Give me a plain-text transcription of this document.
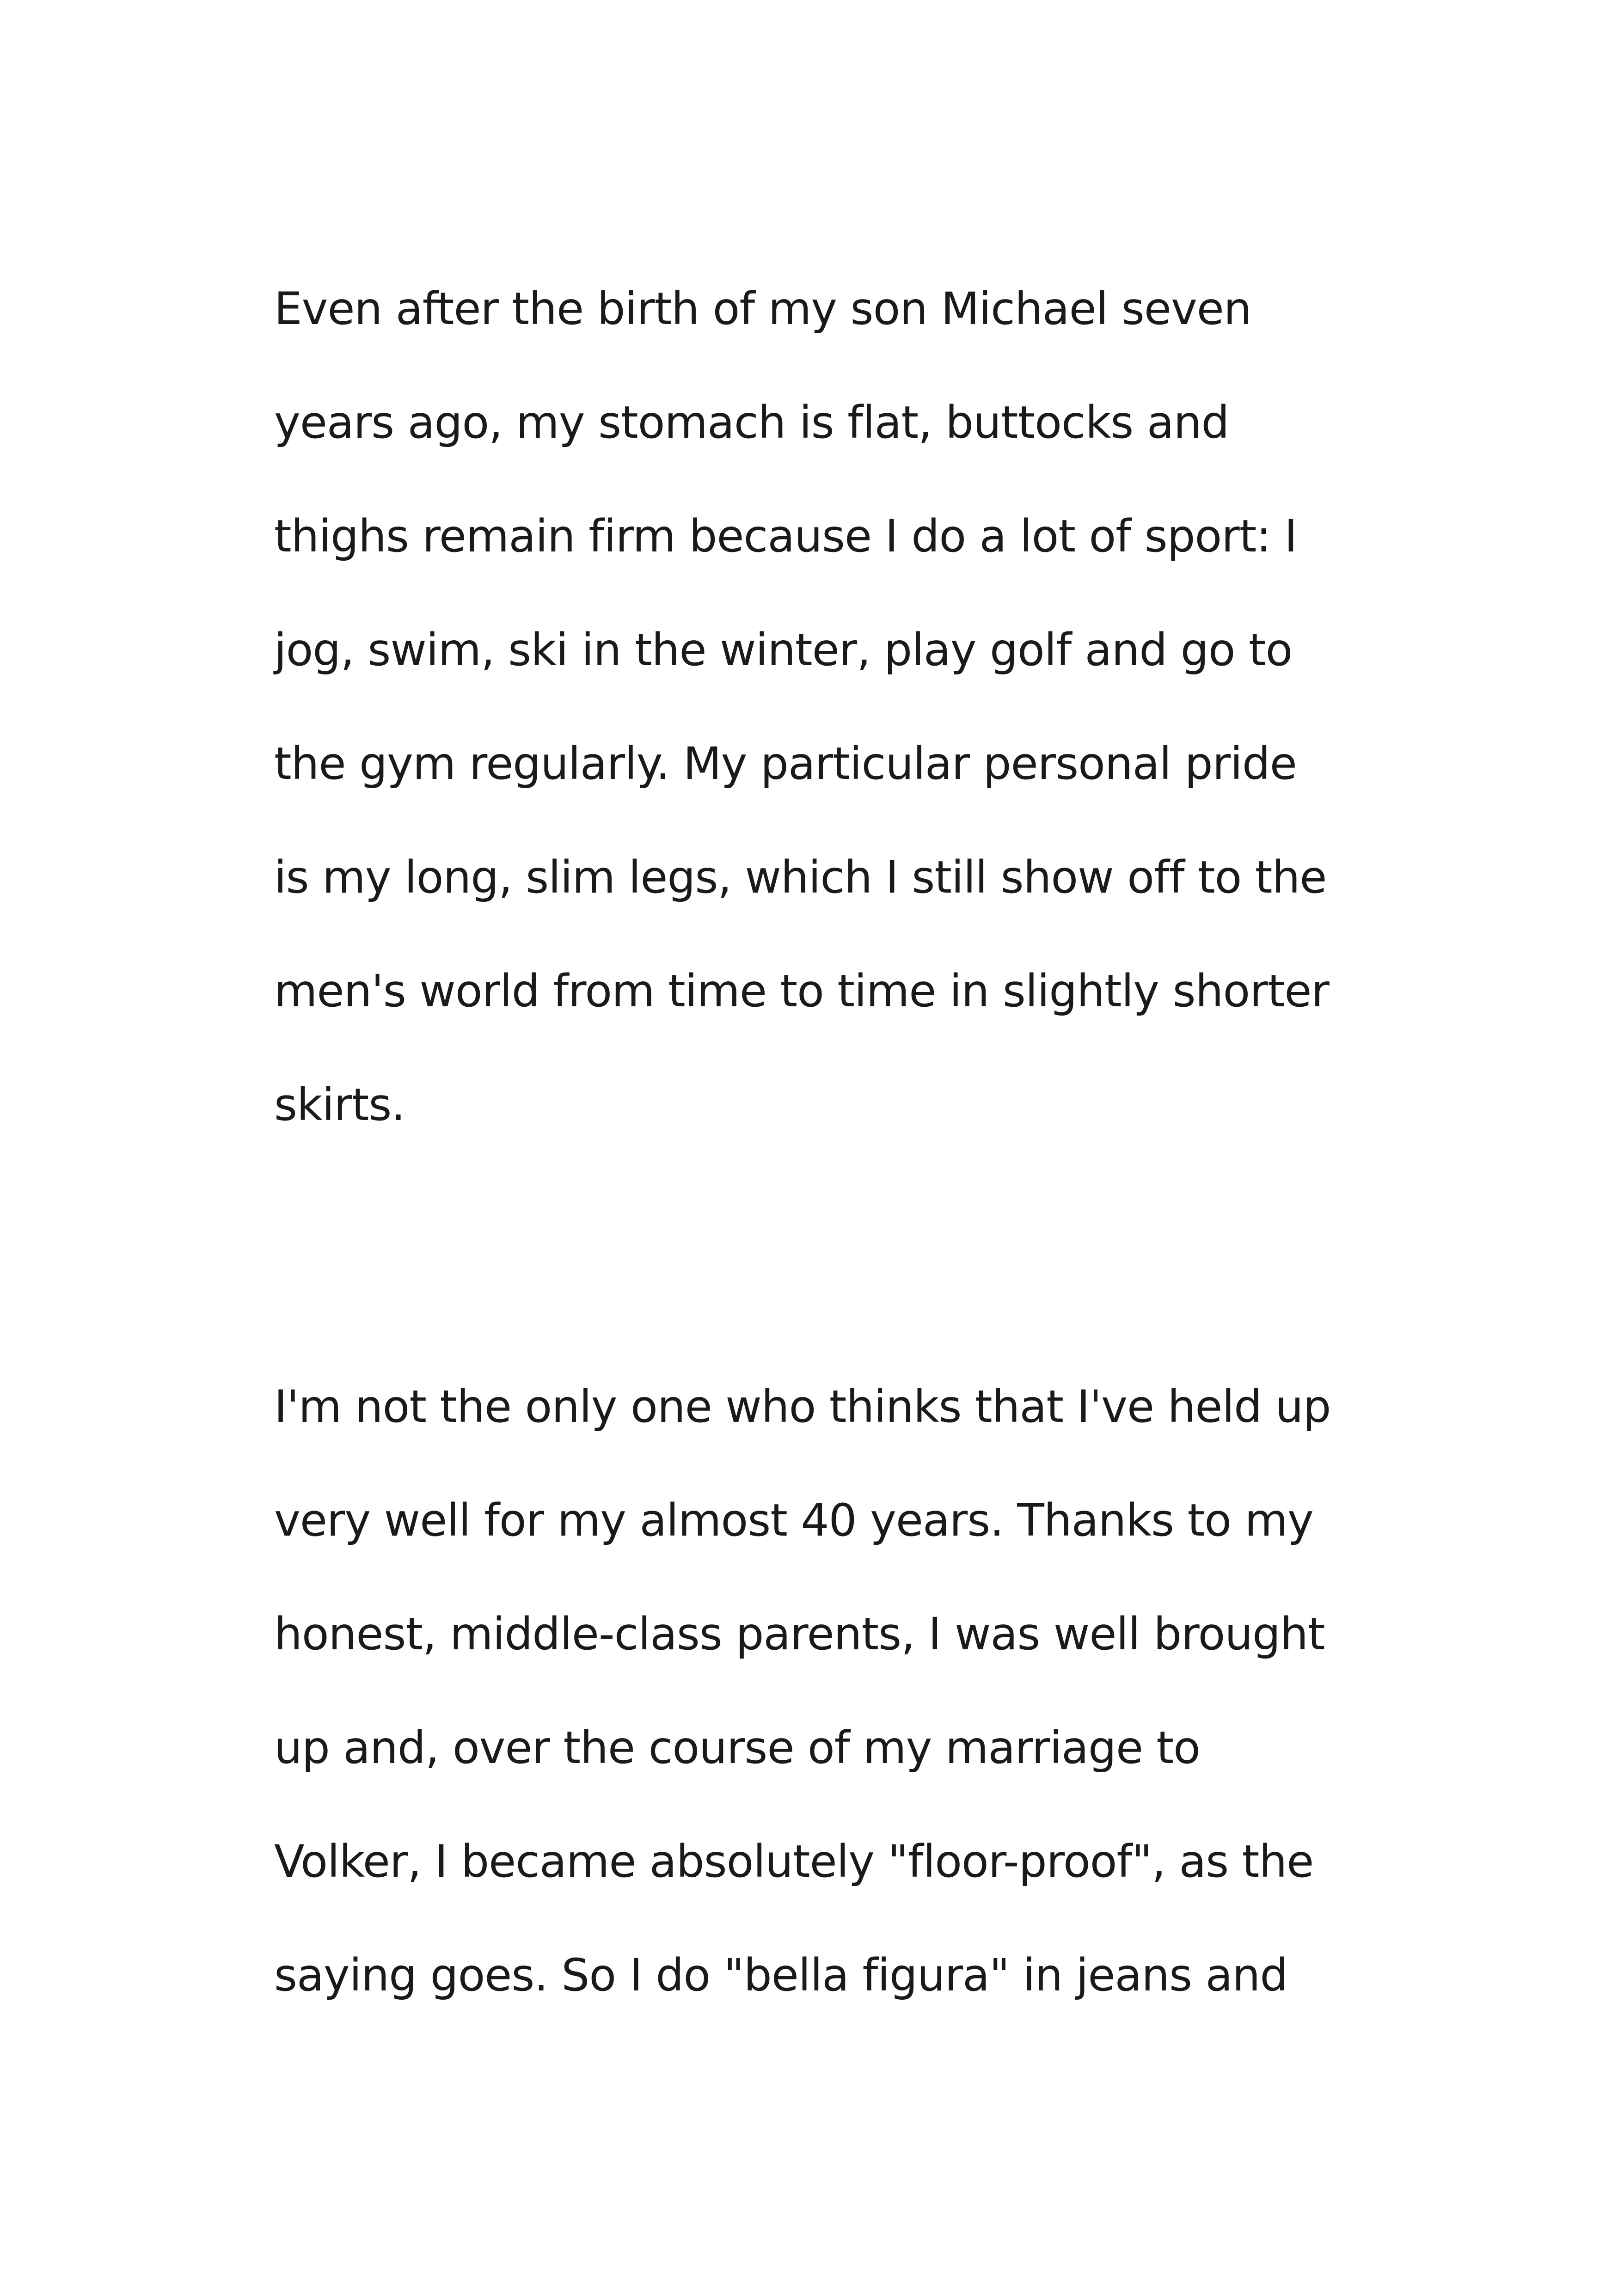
Even after the birth of my son Michael seven
years ago, my stomach is flat, buttocks and
thighs remain firm because I do a lot of sport: I
jog, swim, ski in the winter, play golf and go to
the gym regularly. My particular personal pride
is my long, slim legs, which I still show off to the
men's world from time to time in slightly shorter
skirts.
I'm not the only one who thinks that I've held up
very well for my almost 40 years. Thanks to my
honest, middle-class parents, I was well brought
up and, over the course of my marriage to
Volker, I became absolutely "floor-proof", as the
saying goes. So I do "bella figura" in jeans and
